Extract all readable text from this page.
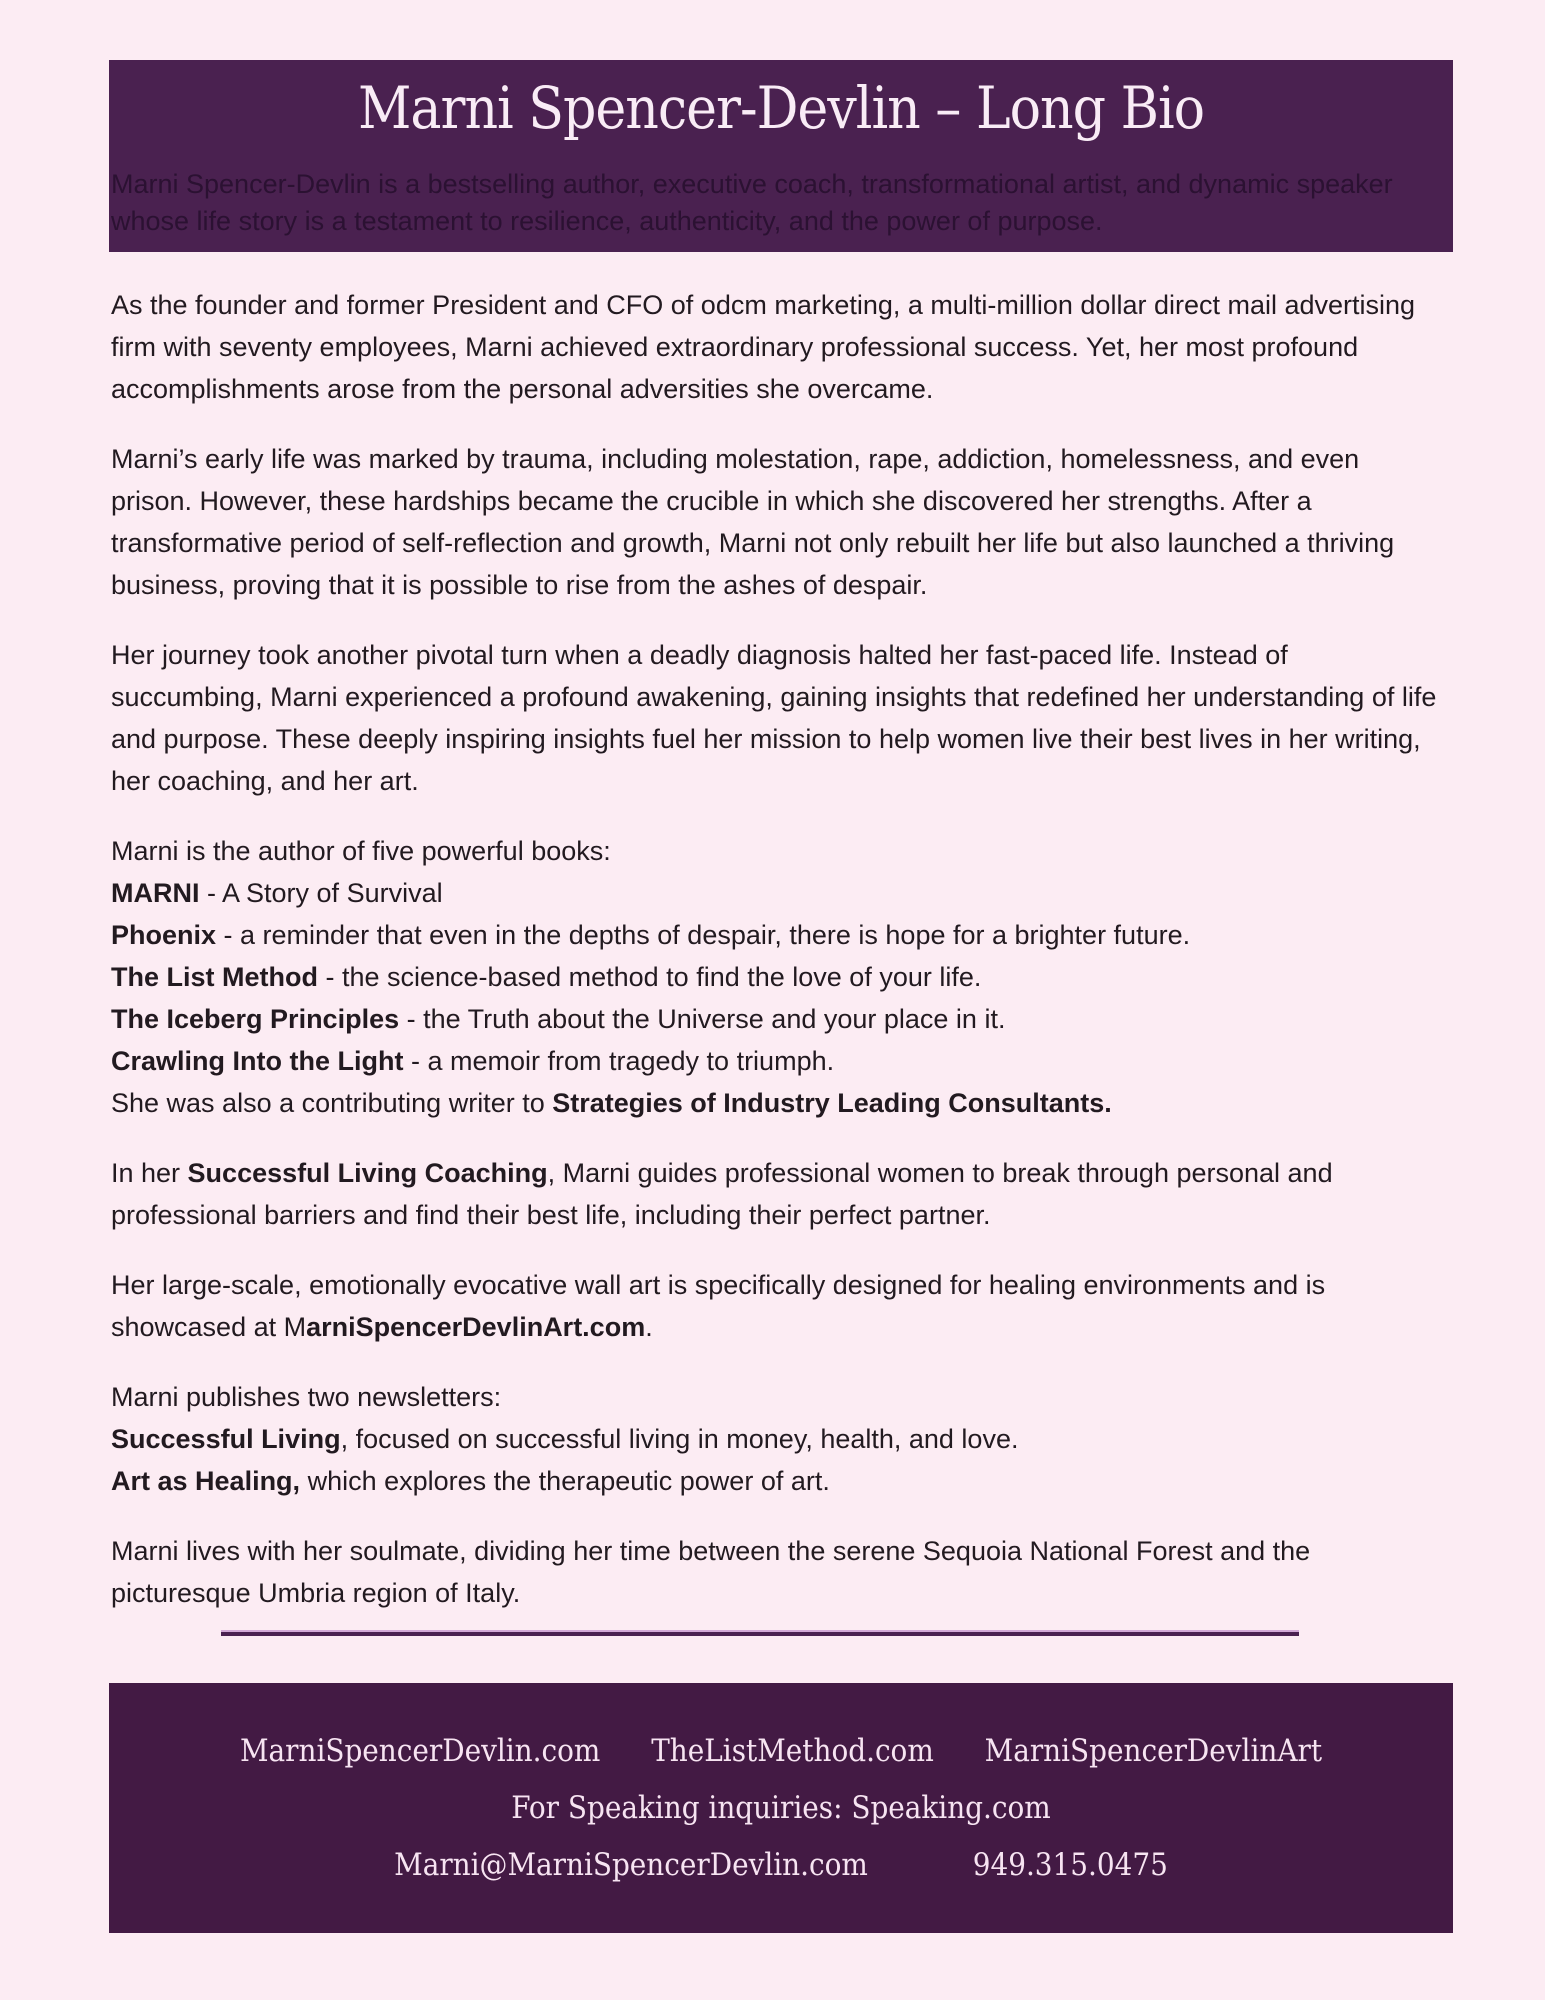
Marni Spencer-Devlin – Long Bio
Marni Spencer-Devlin is a bestselling author, executive coach, transformational artist, and dynamic speaker whose life story is a testament to resilience, authenticity, and the power of purpose.

As the founder and former President and CFO of odcm marketing, a multi-million dollar direct mail advertising firm with seventy employees, Marni achieved extraordinary professional success. Yet, her most profound accomplishments arose from the personal adversities she overcame.

Marni’s early life was marked by trauma, including molestation, rape, addiction, homelessness, and even prison. However, these hardships became the crucible in which she discovered her strengths. After a transformative period of self-reflection and growth, Marni not only rebuilt her life but also launched a thriving business, proving that it is possible to rise from the ashes of despair.

Her journey took another pivotal turn when a deadly diagnosis halted her fast-paced life. Instead of succumbing, Marni experienced a profound awakening, gaining insights that redefined her understanding of life and purpose. These deeply inspiring insights fuel her mission to help women live their best lives in her writing, her coaching, and her art.

Marni is the author of five powerful books:
MARNI - A Story of Survival
Phoenix - a reminder that even in the depths of despair, there is hope for a brighter future.
The List Method - the science-based method to find the love of your life.
The Iceberg Principles - the Truth about the Universe and your place in it.
Crawling Into the Light - a memoir from tragedy to triumph.
She was also a contributing writer to Strategies of Industry Leading Consultants.

In her Successful Living Coaching, Marni guides professional women to break through personal and professional barriers and find their best life, including their perfect partner.

Her large-scale, emotionally evocative wall art is specifically designed for healing environments and is showcased at MarniSpencerDevlinArt.com.

Marni publishes two newsletters:
Successful Living, focused on successful living in money, health, and love.
Art as Healing, which explores the therapeutic power of art.

Marni lives with her soulmate, dividing her time between the serene Sequoia National Forest and the picturesque Umbria region of Italy.

MarniSpencerDevlin.com TheListMethod.com MarniSpencerDevlinArt
For Speaking inquiries: Speaking.com
Marni@MarniSpencerDevlin.com	949.315.0475
